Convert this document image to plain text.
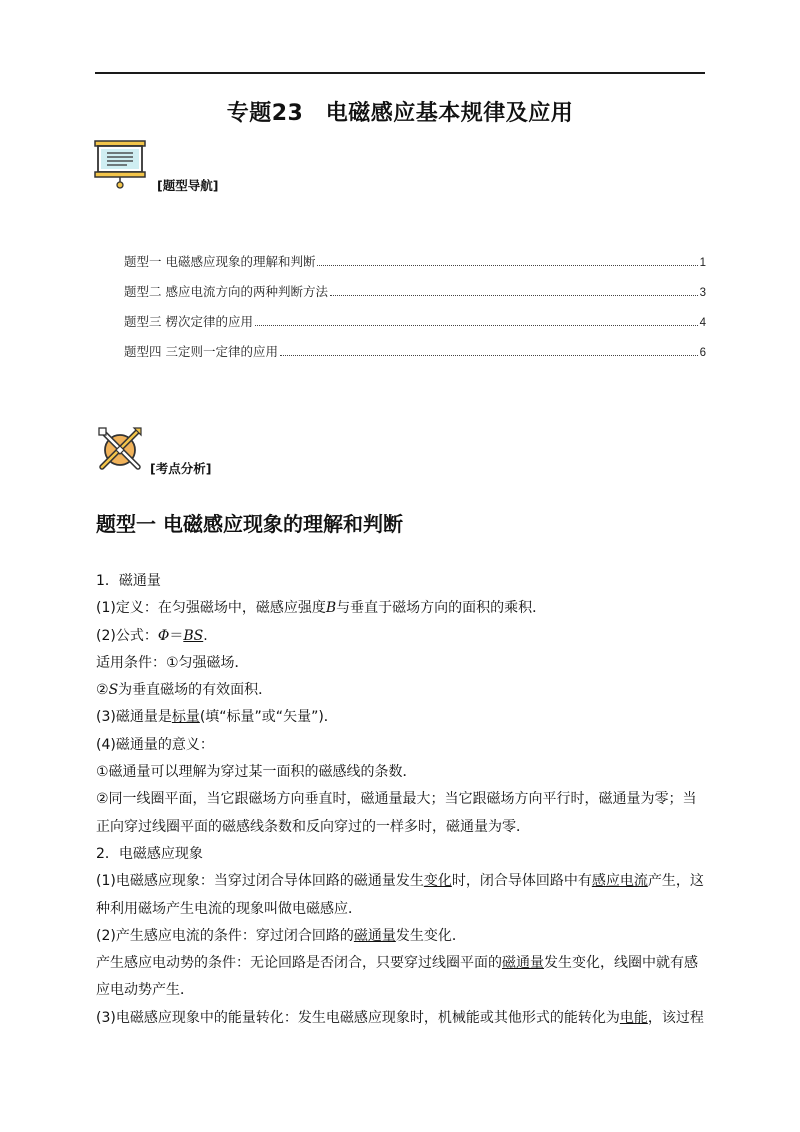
专题23　电磁感应基本规律及应用
[题型导航]
题型一 电磁感应现象的理解和判断	1
题型二 感应电流方向的两种判断方法	3
题型三 楞次定律的应用	4
题型四 三定则一定律的应用	6
[考点分析]
题型一 电磁感应现象的理解和判断

1．磁通量

(1)定义：在匀强磁场中，磁感应强度B与垂直于磁场方向的面积的乘积．

(2)公式：Φ＝BS.

适用条件：①匀强磁场．

②S为垂直磁场的有效面积．

(3)磁通量是标量(填“标量”或“矢量”)．

(4)磁通量的意义：

①磁通量可以理解为穿过某一面积的磁感线的条数．

②同一线圈平面，当它跟磁场方向垂直时，磁通量最大；当它跟磁场方向平行时，磁通量为零；当正向穿过线圈平面的磁感线条数和反向穿过的一样多时，磁通量为零．

2．电磁感应现象

(1)电磁感应现象：当穿过闭合导体回路的磁通量发生变化时，闭合导体回路中有感应电流产生，这种利用磁场产生电流的现象叫做电磁感应．

(2)产生感应电流的条件：穿过闭合回路的磁通量发生变化．

产生感应电动势的条件：无论回路是否闭合，只要穿过线圈平面的磁通量发生变化，线圈中就有感应电动势产生．

(3)电磁感应现象中的能量转化：发生电磁感应现象时，机械能或其他形式的能转化为电能，该过程
